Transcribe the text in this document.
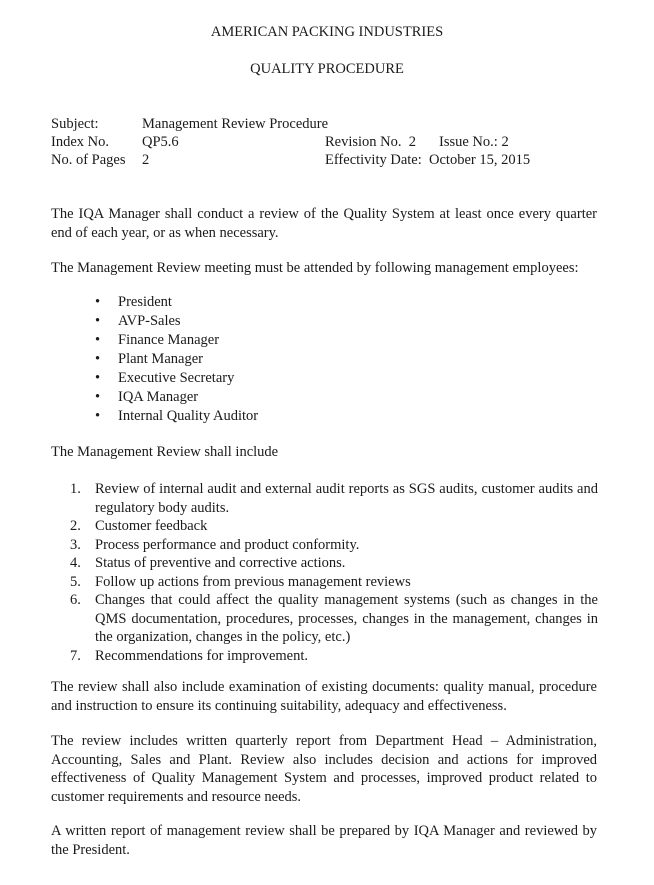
AMERICAN PACKING INDUSTRIES
QUALITY PROCEDURE
Subject:	Management Review Procedure
Index No. QP5.6	Revision No. 2 Issue No.: 2
No. of Pages 2	Effectivity Date: October 15, 2015

The IQA Manager shall conduct a review of the Quality System at least once every quarter end of each year, or as when necessary.

The Management Review meeting must be attended by following management employees:

• President
• AVP-Sales
• Finance Manager
• Plant Manager
• Executive Secretary
• IQA Manager
• Internal Quality Auditor

The Management Review shall include

1. Review of internal audit and external audit reports as SGS audits, customer audits and regulatory body audits.
2. Customer feedback
3. Process performance and product conformity.
4. Status of preventive and corrective actions.
5. Follow up actions from previous management reviews
6. Changes that could affect the quality management systems (such as changes in the QMS documentation, procedures, processes, changes in the management, changes in the organization, changes in the policy, etc.)
7. Recommendations for improvement.

The review shall also include examination of existing documents: quality manual, procedure and instruction to ensure its continuing suitability, adequacy and effectiveness.

The review includes written quarterly report from Department Head – Administration, Accounting, Sales and Plant. Review also includes decision and actions for improved effectiveness of Quality Management System and processes, improved product related to customer requirements and resource needs.

A written report of management review shall be prepared by IQA Manager and reviewed by the President.
